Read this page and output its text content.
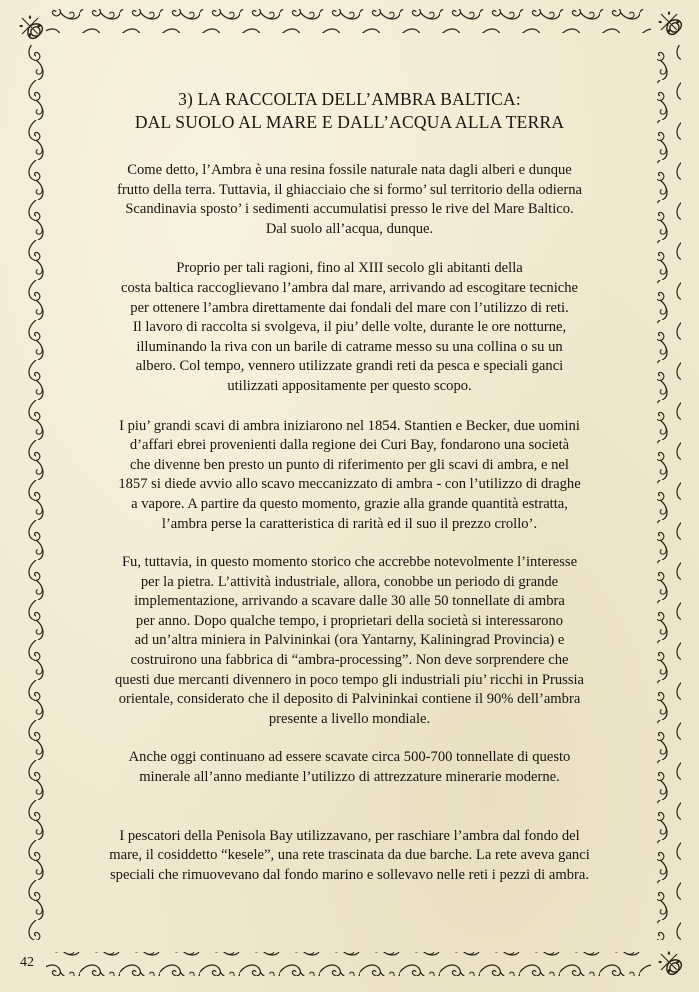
3) LA RACCOLTA DELL’AMBRA BALTICA:
DAL SUOLO AL MARE E DALL’ACQUA ALLA TERRA

Come detto, l’Ambra è una resina fossile naturale nata dagli alberi e dunque
frutto della terra. Tuttavia, il ghiacciaio che si formo’ sul territorio della odierna
Scandinavia sposto’ i sedimenti accumulatisi presso le rive del Mare Baltico.
Dal suolo all’acqua, dunque.

Proprio per tali ragioni, fino al XIII secolo gli abitanti della
costa baltica raccoglievano l’ambra dal mare, arrivando ad escogitare tecniche
per ottenere l’ambra direttamente dai fondali del mare con l’utilizzo di reti.
Il lavoro di raccolta si svolgeva, il piu’ delle volte, durante le ore notturne,
illuminando la riva con un barile di catrame messo su una collina o su un
albero. Col tempo, vennero utilizzate grandi reti da pesca e speciali ganci
utilizzati appositamente per questo scopo.

I piu’ grandi scavi di ambra iniziarono nel 1854. Stantien e Becker, due uomini
d’affari ebrei provenienti dalla regione dei Curi Bay, fondarono una società
che divenne ben presto un punto di riferimento per gli scavi di ambra, e nel
1857 si diede avvio allo scavo meccanizzato di ambra - con l’utilizzo di draghe
a vapore. A partire da questo momento, grazie alla grande quantità estratta,
l’ambra perse la caratteristica di rarità ed il suo il prezzo crollo’.

Fu, tuttavia, in questo momento storico che accrebbe notevolmente l’interesse
per la pietra. L’attività industriale, allora, conobbe un periodo di grande
implementazione, arrivando a scavare dalle 30 alle 50 tonnellate di ambra
per anno. Dopo qualche tempo, i proprietari della società si interessarono
ad un’altra miniera in Palvininkai (ora Yantarny, Kaliningrad Provincia) e
costruirono una fabbrica di “ambra-processing”. Non deve sorprendere che
questi due mercanti divennero in poco tempo gli industriali piu’ ricchi in Prussia
orientale, considerato che il deposito di Palvininkai contiene il 90% dell’ambra
presente a livello mondiale.

Anche oggi continuano ad essere scavate circa 500-700 tonnellate di questo
minerale all’anno mediante l’utilizzo di attrezzature minerarie moderne.

I pescatori della Penisola Bay utilizzavano, per raschiare l’ambra dal fondo del
mare, il cosiddetto “kesele”, una rete trascinata da due barche. La rete aveva ganci
speciali che rimuovevano dal fondo marino e sollevavo nelle reti i pezzi di ambra.

42
